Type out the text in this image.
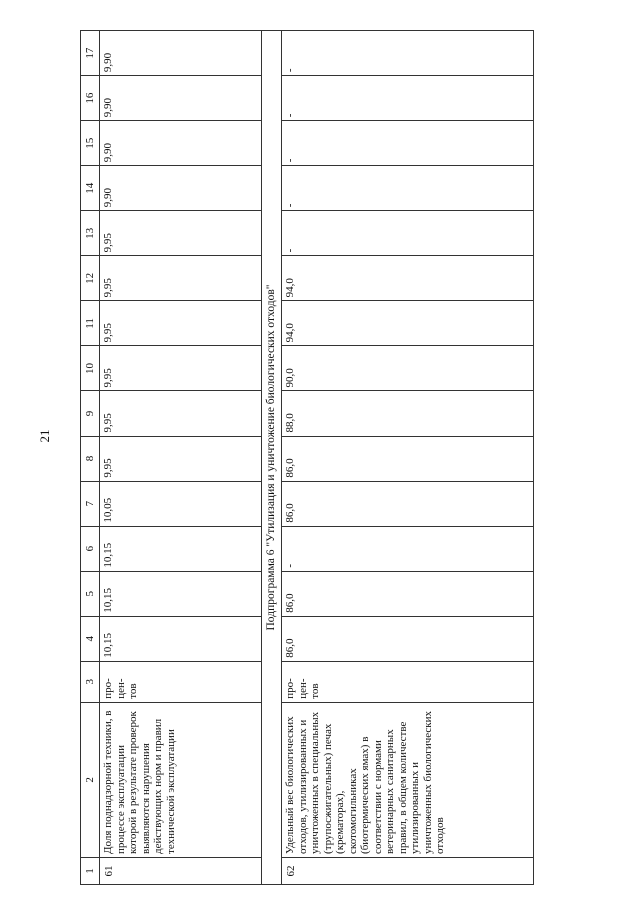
21
1	2	3	4	5	6	7	8	9	10	11	12	13	14	15	16	17
61	Доля поднадзорной техники, в процессе эксплуатации которой в результате проверок выявляются нарушения действующих норм и правил технической эксплуатации	про-цен-тов	10,15	10,15	10,15	10,05	9,95	9,95	9,95	9,95	9,95	9,95	9,90	9,90	9,90	9,90
Подпрограмма 6 "Утилизация и уничтожение биологических отходов"																
62	Удельный вес биологических отходов, утилизированных и уничтоженных в специальных (трупосжигательных) печах (крематорах), скотомогильниках (биотермических ямах) в соответствии с нормами ветеринарных санитарных правил, в общем количестве утилизированных и уничтоженных биологических отходов	про-цен-тов	86,0	86,0	-	86,0	86,0	88,0	90,0	94,0	94,0	-	-	-	-	-
